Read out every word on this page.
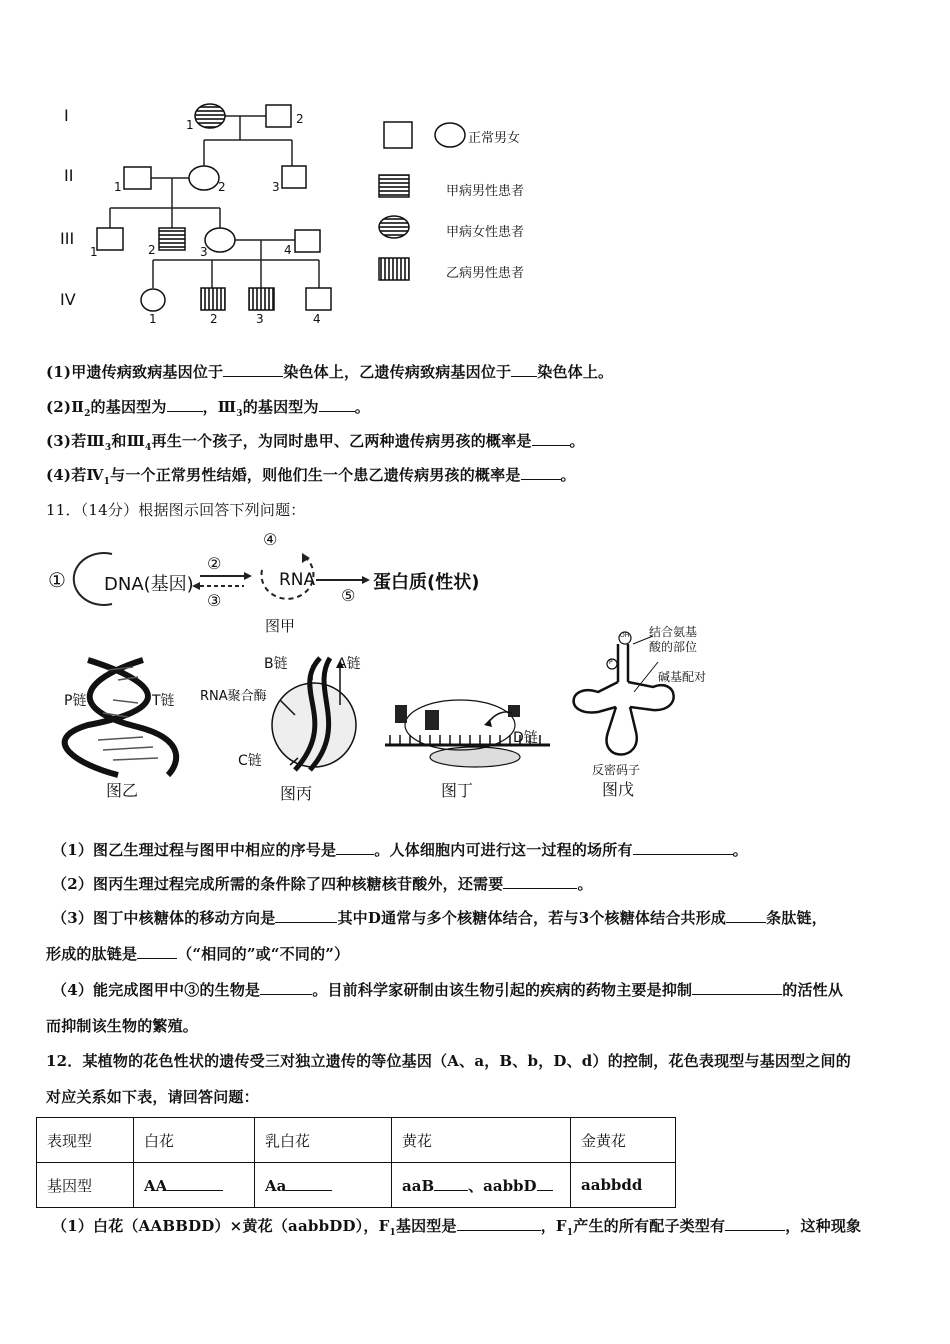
I
II
III
IV
1	2
1	2	3
1	2	3	4
1	2	3	4
正常男女
甲病男性患者
甲病女性患者
乙病男性患者
(1)甲遗传病致病基因位于	染色体上，乙遗传病致病基因位于 染色体上。
$(2)Ⅱ_2$的基因型为 ，$Ⅲ_3$的基因型为 。
(3)若$Ⅲ_3$和$Ⅲ_4$再生一个孩子，为同时患甲、乙两种遗传病男孩的概率是	。
(4)若$Ⅳ_1$与一个正常男性结婚，则他们生一个患乙遗传病男孩的概率是	。
11．（14分）根据图示回答下列问题：
① DNA(基因)
②
③
④
RNA
⑤
蛋白质(性状)
图甲
P链	T链
图乙
B链	A链
RNA聚合酶
C链
图丙
D链
图丁
OH
P
结合氨基
酸的部位
碱基配对
反密码子
图戊
（1）图乙生理过程与图甲中相应的序号是	。人体细胞内可进行这一过程的场所有	。
（2）图丙生理过程完成所需的条件除了四种核糖核苷酸外，还需要	。
（3）图丁中核糖体的移动方向是	其中D通常与多个核糖体结合，若与3个核糖体结合共形成	条肽链，
形成的肽链是	（“相同的”或“不同的”）
（4）能完成图甲中③的生物是	。目前科学家研制由该生物引起的疾病的药物主要是抑制	的活性从
而抑制该生物的繁殖。
12．某植物的花色性状的遗传受三对独立遗传的等位基因（A、a，B、b，D、d）的控制，花色表现型与基因型之间的
对应关系如下表，请回答问题：
表现型	白花	乳白花	黄花	金黄花
基因型	AA	Aa	aaB 、aabbD	aabbdd
（1）白花（AABBDD）×黄花（aabbDD），$F_1$基因型是	，$F_1$产生的所有配子类型有	，这种现象
